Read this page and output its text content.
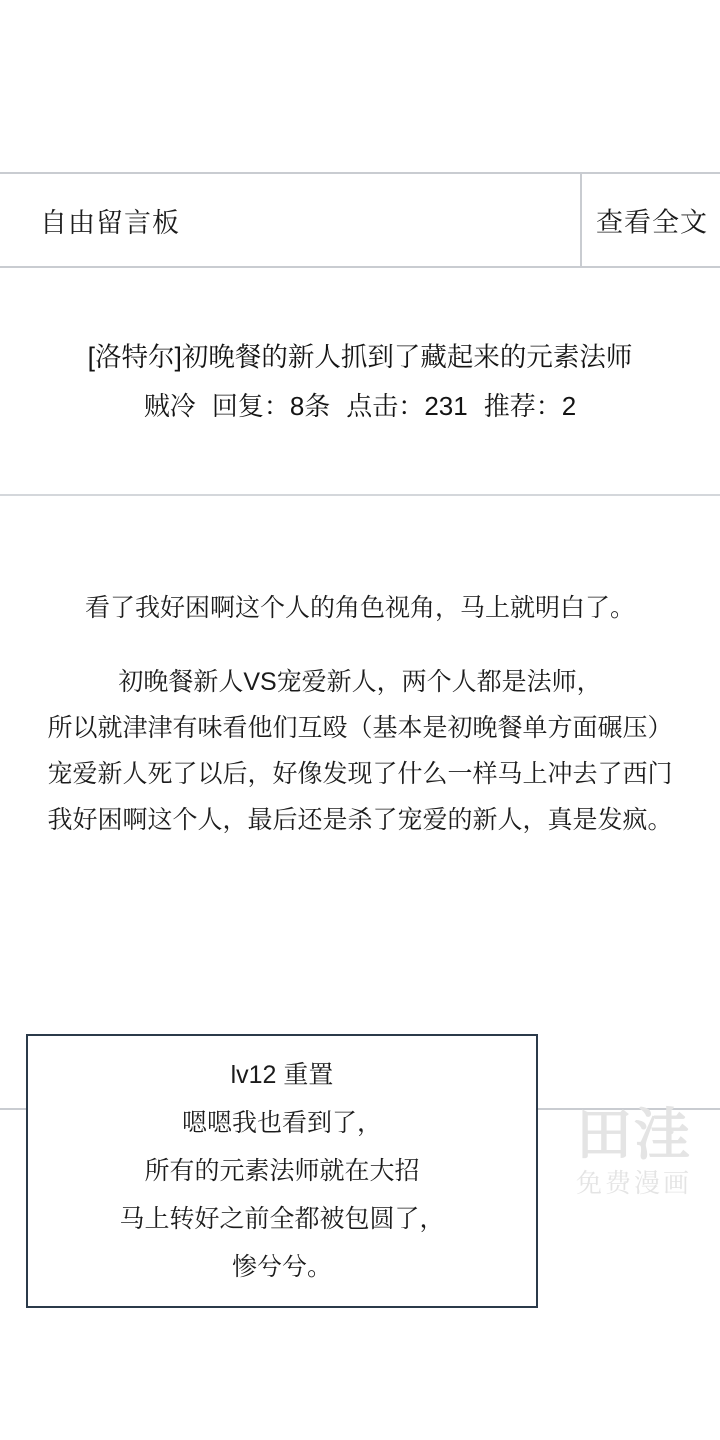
自由留言板	查看全文
[洛特尔]初晚餐的新人抓到了藏起来的元素法师
贼冷 回复：8条 点击：231 推荐：2
看了我好困啊这个人的角色视角，马上就明白了。
初晚餐新人VS宠爱新人，两个人都是法师，
所以就津津有味看他们互殴（基本是初晚餐单方面碾压）
宠爱新人死了以后，好像发现了什么一样马上冲去了西门
我好困啊这个人，最后还是杀了宠爱的新人，真是发疯。
田洼
免费漫画
lv12 重置
嗯嗯我也看到了，
所有的元素法师就在大招
马上转好之前全都被包圆了，
惨兮兮。
